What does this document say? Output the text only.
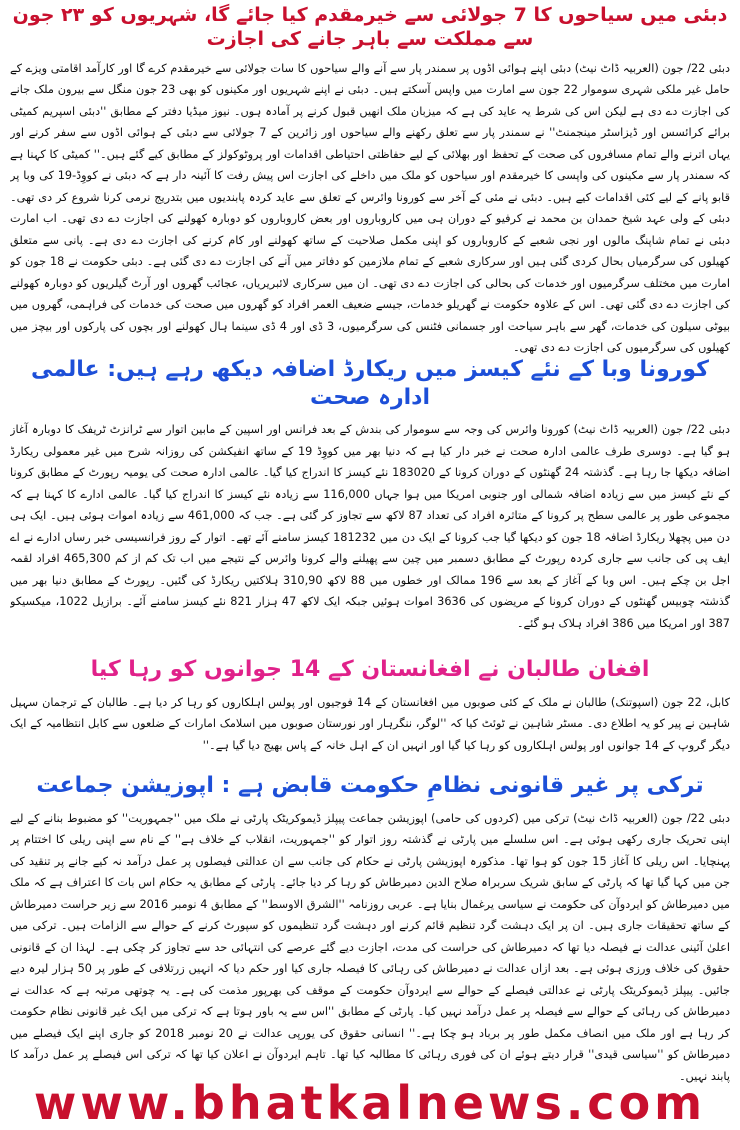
دبئی میں سیاحوں کا 7 جولائی سے خیرمقدم کیا جائے گا، شہریوں کو ۲۳ جون سے مملکت سے باہر جانے کی اجازت

دبئی 22/ جون (العربیہ ڈاٹ نیٹ) دبئی اپنے ہوائی اڈوں پر سمندر پار سے آنے والے سیاحوں کا سات جولائی سے خیرمقدم کرے گا اور کارآمد اقامتی ویزے کے حامل غیر ملکی شہری سوموار 22 جون سے امارت میں واپس آسکتے ہیں۔ دبئی نے اپنے شہریوں اور مکینوں کو بھی 23 جون منگل سے بیرون ملک جانے کی اجازت دے دی ہے لیکن اس کی شرط یہ عاید کی ہے کہ میزبان ملک انھیں قبول کرنے پر آمادہ ہوں۔ نیوز میڈیا دفتر کے مطابق ''دبئی اسپریم کمیٹی برائے کرائسس اور ڈیزاسٹر مینجمنٹ'' نے سمندر پار سے تعلق رکھنے والے سیاحوں اور زائرین کے 7 جولائی سے دبئی کے ہوائی اڈوں سے سفر کرنے اور یہاں اترنے والے تمام مسافروں کی صحت کے تحفظ اور بھلائی کے لیے حفاظتی احتیاطی اقدامات اور پروٹوکولز کے مطابق کیے گئے ہیں۔'' کمیٹی کا کہنا ہے کہ سمندر پار سے مکینوں کی واپسی کا خیرمقدم اور سیاحوں کو ملک میں داخلے کی اجازت اس پیش رفت کا آئینہ دار ہے کہ دبئی نے کووِڈ-19 کی وبا پر قابو پانے کے لیے کئی اقدامات کیے ہیں۔ دبئی نے مئی کے آخر سے کورونا وائرس کے تعلق سے عاید کردہ پابندیوں میں بتدریج نرمی کرنا شروع کر دی تھی۔ دبئی کے ولی عہد شیخ حمدان بن محمد نے کرفیو کے دوران ہی میں کاروباروں اور بعض کاروباروں کو دوبارہ کھولنے کی اجازت دے دی تھی۔ اب امارت دبئی نے تمام شاپنگ مالوں اور نجی شعبے کے کاروباروں کو اپنی مکمل صلاحیت کے ساتھ کھولنے اور کام کرنے کی اجازت دے دی ہے۔ پانی سے متعلق کھیلوں کی سرگرمیاں بحال کردی گئی ہیں اور سرکاری شعبے کے تمام ملازمین کو دفاتر میں آنے کی اجازت دے دی گئی ہے۔ دبئی حکومت نے 18 جون کو امارت میں مختلف سرگرمیوں اور خدمات کی بحالی کی اجازت دے دی تھی۔ ان میں سرکاری لائبریریاں، عجائب گھروں اور آرٹ گیلریوں کو دوبارہ کھولنے کی اجازت دے دی گئی تھی۔ اس کے علاوہ حکومت نے گھریلو خدمات، جیسے ضعیف العمر افراد کو گھروں میں صحت کی خدمات کی فراہمی، گھروں میں بیوٹی سیلون کی خدمات، گھر سے باہر سیاحت اور جسمانی فٹنس کی سرگرمیوں، 3 ڈی اور 4 ڈی سینما ہال کھولنے اور بچوں کی پارکوں اور بیچز میں کھیلوں کی سرگرمیوں کی اجازت دے دی تھی۔

کورونا وبا کے نئے کیسز میں ریکارڈ اضافہ دیکھ رہے ہیں: عالمی ادارہ صحت

دبئی 22/ جون (العربیہ ڈاٹ نیٹ) کورونا وائرس کی وجہ سے سوموار کی بندش کے بعد فرانس اور اسپین کے مابین اتوار سے ٹرانزٹ ٹریفک کا دوبارہ آغاز ہو گیا ہے۔ دوسری طرف عالمی ادارہ صحت نے خبر دار کیا ہے کہ دنیا بھر میں کووِڈ 19 کے ساتھ انفیکشن کی روزانہ شرح میں غیر معمولی ریکارڈ اضافہ دیکھا جا رہا ہے۔ گذشتہ 24 گھنٹوں کے دوران کرونا کے 183020 نئے کیسز کا اندراج کیا گیا۔ عالمی ادارہ صحت کی یومیہ رپورٹ کے مطابق کرونا کے نئے کیسز میں سے زیادہ اضافہ شمالی اور جنوبی امریکا میں ہوا جہاں 116,000 سے زیادہ نئے کیسز کا اندراج کیا گیا۔ عالمی ادارے کا کہنا ہے کہ مجموعی طور پر عالمی سطح پر کرونا کے متاثرہ افراد کی تعداد 87 لاکھ سے تجاوز کر گئی ہے۔ جب کہ 461,000 سے زیادہ اموات ہوئی ہیں۔ ایک ہی دن میں پچھلا ریکارڈ اضافہ 18 جون کو دیکھا گیا جب کرونا کے ایک دن میں 181232 کیسز سامنے آئے تھے۔ اتوار کے روز فرانسیسی خبر رساں ادارے نے اے ایف پی کی جانب سے جاری کردہ رپورٹ کے مطابق دسمبر میں چین سے پھیلنے والے کرونا وائرس کے نتیجے میں اب تک کم از کم 465,300 افراد لقمہ اجل بن چکے ہیں۔ اس وبا کے آغاز کے بعد سے 196 ممالک اور خطوں میں 88 لاکھ 310,90 ہلاکتیں ریکارڈ کی گئیں۔ رپورٹ کے مطابق دنیا بھر میں گذشتہ چوبیس گھنٹوں کے دوران کرونا کے مریضوں کی 3636 اموات ہوئیں جبکہ ایک لاکھ 47 ہزار 821 نئے کیسز سامنے آئے۔ برازیل 1022، میکسیکو 387 اور امریکا میں 386 افراد ہلاک ہو گئے۔

افغان طالبان نے افغانستان کے 14 جوانوں کو رہا کیا

کابل، 22 جون (اسپوتنک) طالبان نے ملک کے کئی صوبوں میں افغانستان کے 14 فوجیوں اور پولس اہلکاروں کو رہا کر دیا ہے۔ طالبان کے ترجمان سہیل شاہین نے پیر کو یہ اطلاع دی۔ مسٹر شاہین نے ٹوئٹ کیا کہ ''لوگر، ننگرہار اور نورستان صوبوں میں اسلامک امارات کے ضلعوں سے کابل انتظامیہ کے ایک دیگر گروپ کے 14 جوانوں اور پولس اہلکاروں کو رہا کیا گیا اور انہیں ان کے اہل خانہ کے پاس بھیج دیا گیا ہے۔''

ترکی پر غیر قانونی نظامِ حکومت قابض ہے : اپوزیشن جماعت

دبئی 22/ جون (العربیہ ڈاٹ نیٹ) ترکی میں (کردوں کی حامی) اپوزیشن جماعت پیپلز ڈیموکریٹک پارٹی نے ملک میں ''جمہوریت'' کو مضبوط بنانے کے لیے اپنی تحریک جاری رکھی ہوئی ہے۔ اس سلسلے میں پارٹی نے گذشتہ روز اتوار کو ''جمہوریت، انقلاب کے خلاف ہے'' کے نام سے اپنی ریلی کا اختتام پر پہنچایا۔ اس ریلی کا آغاز 15 جون کو ہوا تھا۔ مذکورہ اپوزیشن پارٹی نے حکام کی جانب سے ان عدالتی فیصلوں پر عمل درآمد نہ کیے جانے پر تنقید کی جن میں کہا گیا تھا کہ پارٹی کے سابق شریک سربراہ صلاح الدین دمیرطاش کو رہا کر دیا جائے۔ پارٹی کے مطابق یہ حکام اس بات کا اعتراف ہے کہ ملک میں دمیرطاش کو ایردوآن کی حکومت نے سیاسی یرغمال بنایا ہے۔ عربی روزنامہ ''الشرق الاوسط'' کے مطابق 4 نومبر 2016 سے زیر حراست دمیرطاش کے ساتھ تحقیقات جاری ہیں۔ ان پر ایک دہشت گرد تنظیم قائم کرنے اور دہشت گرد تنظیموں کو سپورٹ کرنے کے حوالے سے الزامات ہیں۔ ترکی میں اعلیٰ آئینی عدالت نے فیصلہ دیا تھا کہ دمیرطاش کی حراست کی مدت، اجازت دیے گئے عرصے کی انتہائی حد سے تجاوز کر چکی ہے۔ لہذا ان کے قانونی حقوق کی خلاف ورزی ہوئی ہے۔ بعد ازاں عدالت نے دمیرطاش کی رہائی کا فیصلہ جاری کیا اور حکم دیا کہ انہیں زرتلافی کے طور پر 50 ہزار لیرہ دیے جائیں۔ پیپلز ڈیموکریٹک پارٹی نے عدالتی فیصلے کے حوالے سے ایردوآن حکومت کے موقف کی بھرپور مذمت کی ہے۔ یہ چوتھی مرتبہ ہے کہ عدالت نے دمیرطاش کی رہائی کے حوالے سے فیصلہ پر عمل درآمد نہیں کیا۔ پارٹی کے مطابق ''اس سے یہ باور ہوتا ہے کہ ترکی میں ایک غیر قانونی نظام حکومت کر رہا ہے اور ملک میں انصاف مکمل طور پر برباد ہو چکا ہے۔'' انسانی حقوق کی یورپی عدالت نے 20 نومبر 2018 کو جاری اپنے ایک فیصلے میں دمیرطاش کو ''سیاسی قیدی'' قرار دیتے ہوئے ان کی فوری رہائی کا مطالبہ کیا تھا۔ تاہم ایردوآن نے اعلان کیا تھا کہ ترکی اس فیصلے پر عمل درآمد کا پابند نہیں۔

www.bhatkalnews.com
